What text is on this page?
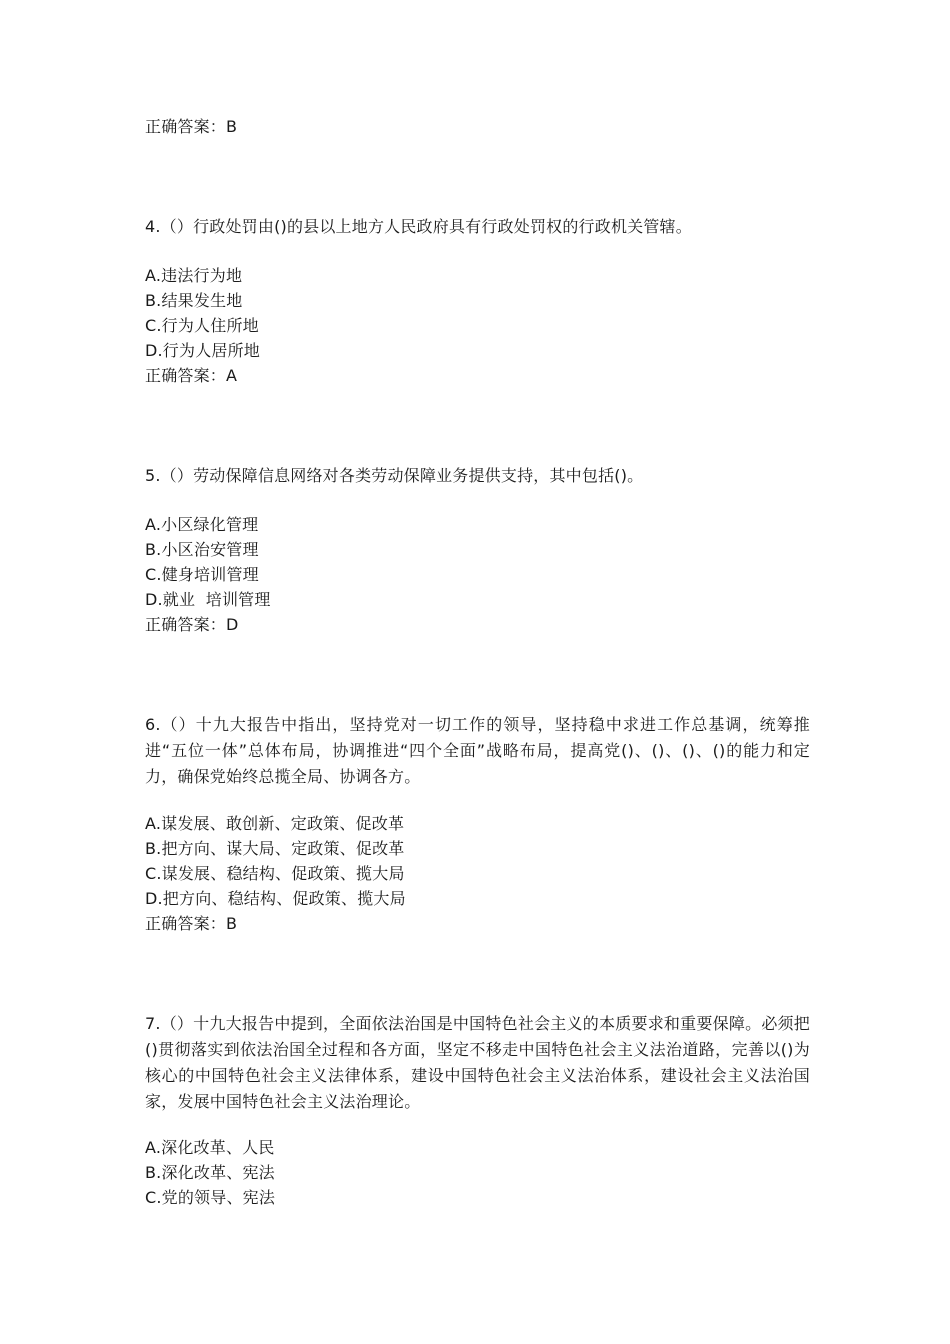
正确答案：B
4.（）行政处罚由()的县以上地方人民政府具有行政处罚权的行政机关管辖。
A.违法行为地
B.结果发生地
C.行为人住所地
D.行为人居所地
正确答案：A
5.（）劳动保障信息网络对各类劳动保障业务提供支持，其中包括()。
A.小区绿化管理
B.小区治安管理
C.健身培训管理
D.就业  培训管理
正确答案：D
6.（）十九大报告中指出，坚持党对一切工作的领导，坚持稳中求进工作总基调，统筹推进“五位一体”总体布局，协调推进“四个全面”战略布局，提高党()、()、()、()的能力和定力，确保党始终总揽全局、协调各方。
A.谋发展、敢创新、定政策、促改革
B.把方向、谋大局、定政策、促改革
C.谋发展、稳结构、促政策、揽大局
D.把方向、稳结构、促政策、揽大局
正确答案：B
7.（）十九大报告中提到，全面依法治国是中国特色社会主义的本质要求和重要保障。必须把()贯彻落实到依法治国全过程和各方面，坚定不移走中国特色社会主义法治道路，完善以()为核心的中国特色社会主义法律体系，建设中国特色社会主义法治体系，建设社会主义法治国家，发展中国特色社会主义法治理论。
A.深化改革、人民
B.深化改革、宪法
C.党的领导、宪法
